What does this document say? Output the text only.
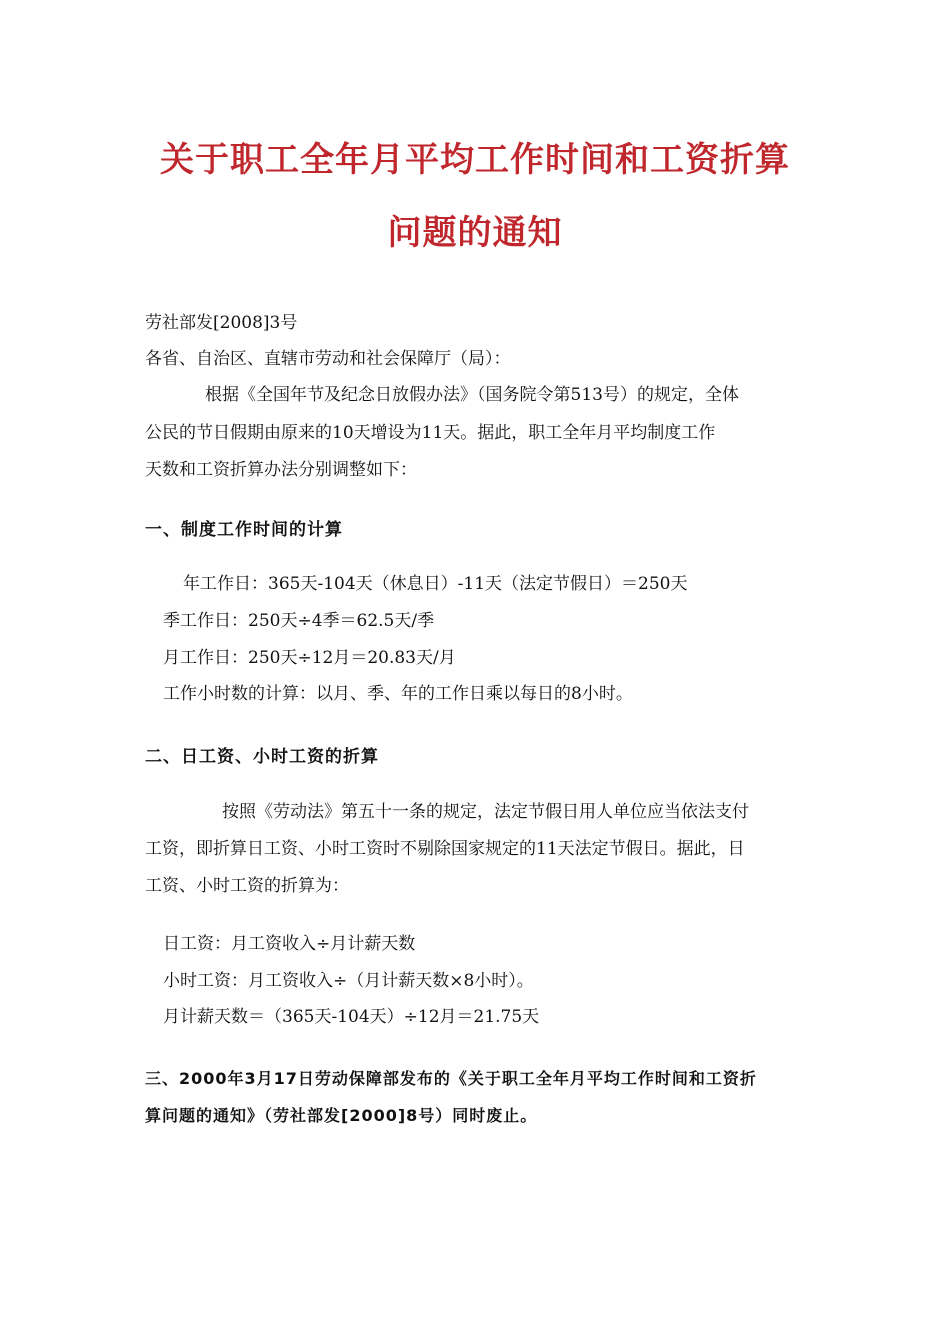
关于职工全年月平均工作时间和工资折算
问题的通知
劳社部发[2008]3号
各省、自治区、直辖市劳动和社会保障厅（局）：
根据《全国年节及纪念日放假办法》（国务院令第513号）的规定，全体
公民的节日假期由原来的10天增设为11天。据此，职工全年月平均制度工作
天数和工资折算办法分别调整如下：
一、制度工作时间的计算
年工作日：365天-104天（休息日）-11天（法定节假日）＝250天
季工作日：250天÷4季＝62.5天/季
月工作日：250天÷12月＝20.83天/月
工作小时数的计算：以月、季、年的工作日乘以每日的8小时。
二、日工资、小时工资的折算
按照《劳动法》第五十一条的规定，法定节假日用人单位应当依法支付
工资，即折算日工资、小时工资时不剔除国家规定的11天法定节假日。据此，日
工资、小时工资的折算为：
日工资：月工资收入÷月计薪天数
小时工资：月工资收入÷（月计薪天数×8小时）。
月计薪天数＝（365天-104天）÷12月＝21.75天
三、2000年3月17日劳动保障部发布的《关于职工全年月平均工作时间和工资折
算问题的通知》（劳社部发[2000]8号）同时废止。
